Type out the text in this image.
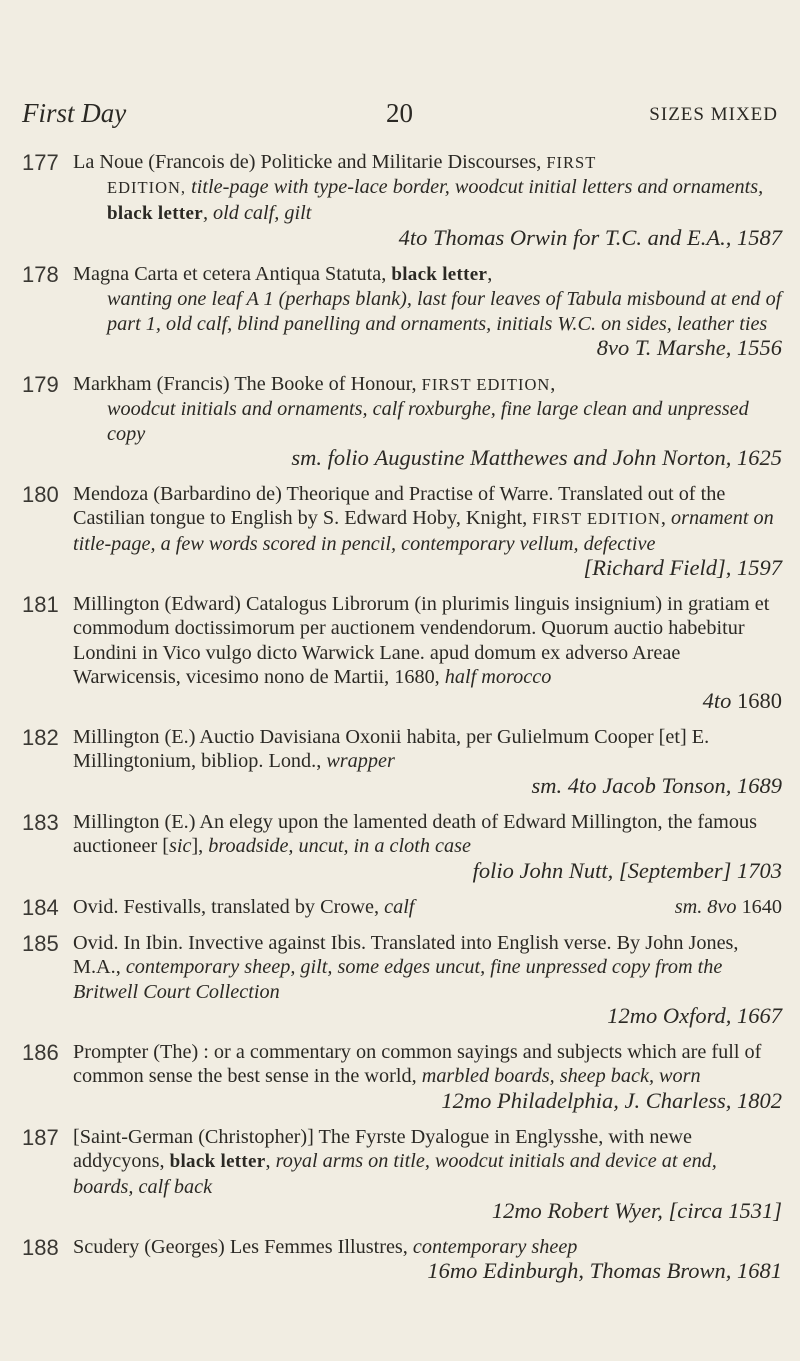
First Day	20	SIZES MIXED
177 La Noue (Francois de) Politicke and Militarie Discourses, FIRST
EDITION, title-page with type-lace border, woodcut initial letters and ornaments, black letter, old calf, gilt
4to Thomas Orwin for T.C. and E.A., 1587
178 Magna Carta et cetera Antiqua Statuta, black letter,
wanting one leaf A 1 (perhaps blank), last four leaves of Tabula misbound at end of part 1, old calf, blind panelling and ornaments, initials W.C. on sides, leather ties
8vo T. Marshe, 1556
179 Markham (Francis) The Booke of Honour, FIRST EDITION,
woodcut initials and ornaments, calf roxburghe, fine large clean and unpressed copy
sm. folio Augustine Matthewes and John Norton, 1625
180 Mendoza (Barbardino de) Theorique and Practise of Warre. Translated out of the Castilian tongue to English by S. Edward Hoby, Knight, FIRST EDITION, ornament on title-page, a few words scored in pencil, contemporary vellum, defective
[Richard Field], 1597
181 Millington (Edward) Catalogus Librorum (in plurimis linguis insignium) in gratiam et commodum doctissimorum per auctionem vendendorum. Quorum auctio habebitur Londini in Vico vulgo dicto Warwick Lane. apud domum ex adverso Areae Warwicensis, vicesimo nono de Martii, 1680, half morocco
4to 1680
182 Millington (E.) Auctio Davisiana Oxonii habita, per Gulielmum Cooper [et] E. Millingtonium, bibliop. Lond., wrapper
sm. 4to Jacob Tonson, 1689
183 Millington (E.) An elegy upon the lamented death of Edward Millington, the famous auctioneer [sic], broadside, uncut, in a cloth case
folio John Nutt, [September] 1703
184 Ovid. Festivalls, translated by Crowe, calf	sm. 8vo 1640
185 Ovid. In Ibin. Invective against Ibis. Translated into English verse. By John Jones, M.A., contemporary sheep, gilt, some edges uncut, fine unpressed copy from the Britwell Court Collection
12mo Oxford, 1667
186 Prompter (The) : or a commentary on common sayings and subjects which are full of common sense the best sense in the world, marbled boards, sheep back, worn
12mo Philadelphia, J. Charless, 1802
187 [Saint-German (Christopher)] The Fyrste Dyalogue in Englysshe, with newe addycyons, black letter, royal arms on title, woodcut initials and device at end, boards, calf back
12mo Robert Wyer, [circa 1531]
188 Scudery (Georges) Les Femmes Illustres, contemporary sheep
16mo Edinburgh, Thomas Brown, 1681
